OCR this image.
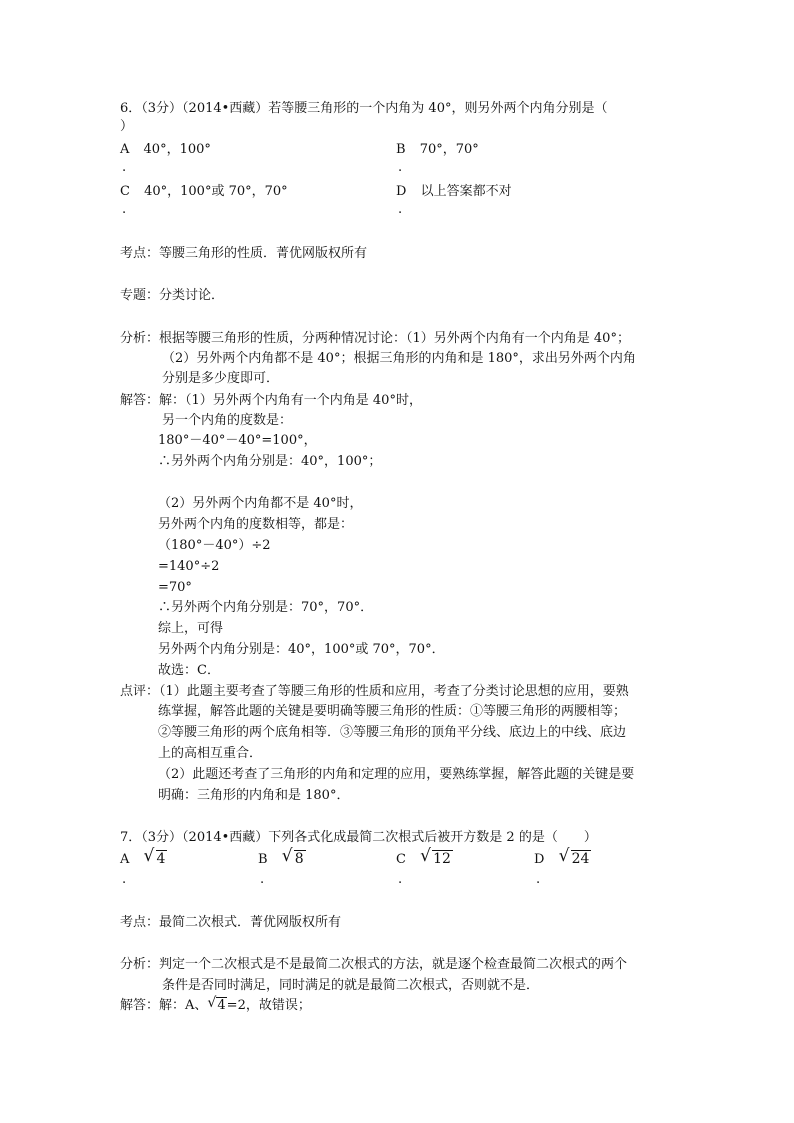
6．（3分）（2014•西藏）若等腰三角形的一个内角为 40°，则另外两个内角分别是（
）
A 40°，100°
.
B 70°，70°
.
C 40°，100°或 70°，70°
.
D 以上答案都不对
.
考点：等腰三角形的性质．菁优网版权所有
专题：分类讨论．
分析：根据等腰三角形的性质，分两种情况讨论：（1）另外两个内角有一个内角是 40°；
（2）另外两个内角都不是 40°；根据三角形的内角和是 180°，求出另外两个内角
分别是多少度即可．
解答：解：（1）另外两个内角有一个内角是 40°时，
另一个内角的度数是：
180°－40°－40°=100°，
∴另外两个内角分别是：40°，100°；
（2）另外两个内角都不是 40°时，
另外两个内角的度数相等，都是：
（180°－40°）÷2
=140°÷2
=70°
∴另外两个内角分别是：70°，70°．
综上，可得
另外两个内角分别是：40°，100°或 70°，70°．
故选：C．
点评：（1）此题主要考查了等腰三角形的性质和应用，考查了分类讨论思想的应用，要熟
练掌握，解答此题的关键是要明确等腰三角形的性质：①等腰三角形的两腰相等；
②等腰三角形的两个底角相等．③等腰三角形的顶角平分线、底边上的中线、底边
上的高相互重合．
（2）此题还考查了三角形的内角和定理的应用，要熟练掌握，解答此题的关键是要
明确：三角形的内角和是 180°．
7．（3分）（2014•西藏）下列各式化成最简二次根式后被开方数是 2 的是（　　）
A √ 4
.
B √ 8
.
C √ 12
.
D √ 24
.
考点：最简二次根式．菁优网版权所有
分析：判定一个二次根式是不是最简二次根式的方法，就是逐个检查最简二次根式的两个
条件是否同时满足，同时满足的就是最简二次根式，否则就不是．
解答：解：A、 √ 4=2，故错误；
